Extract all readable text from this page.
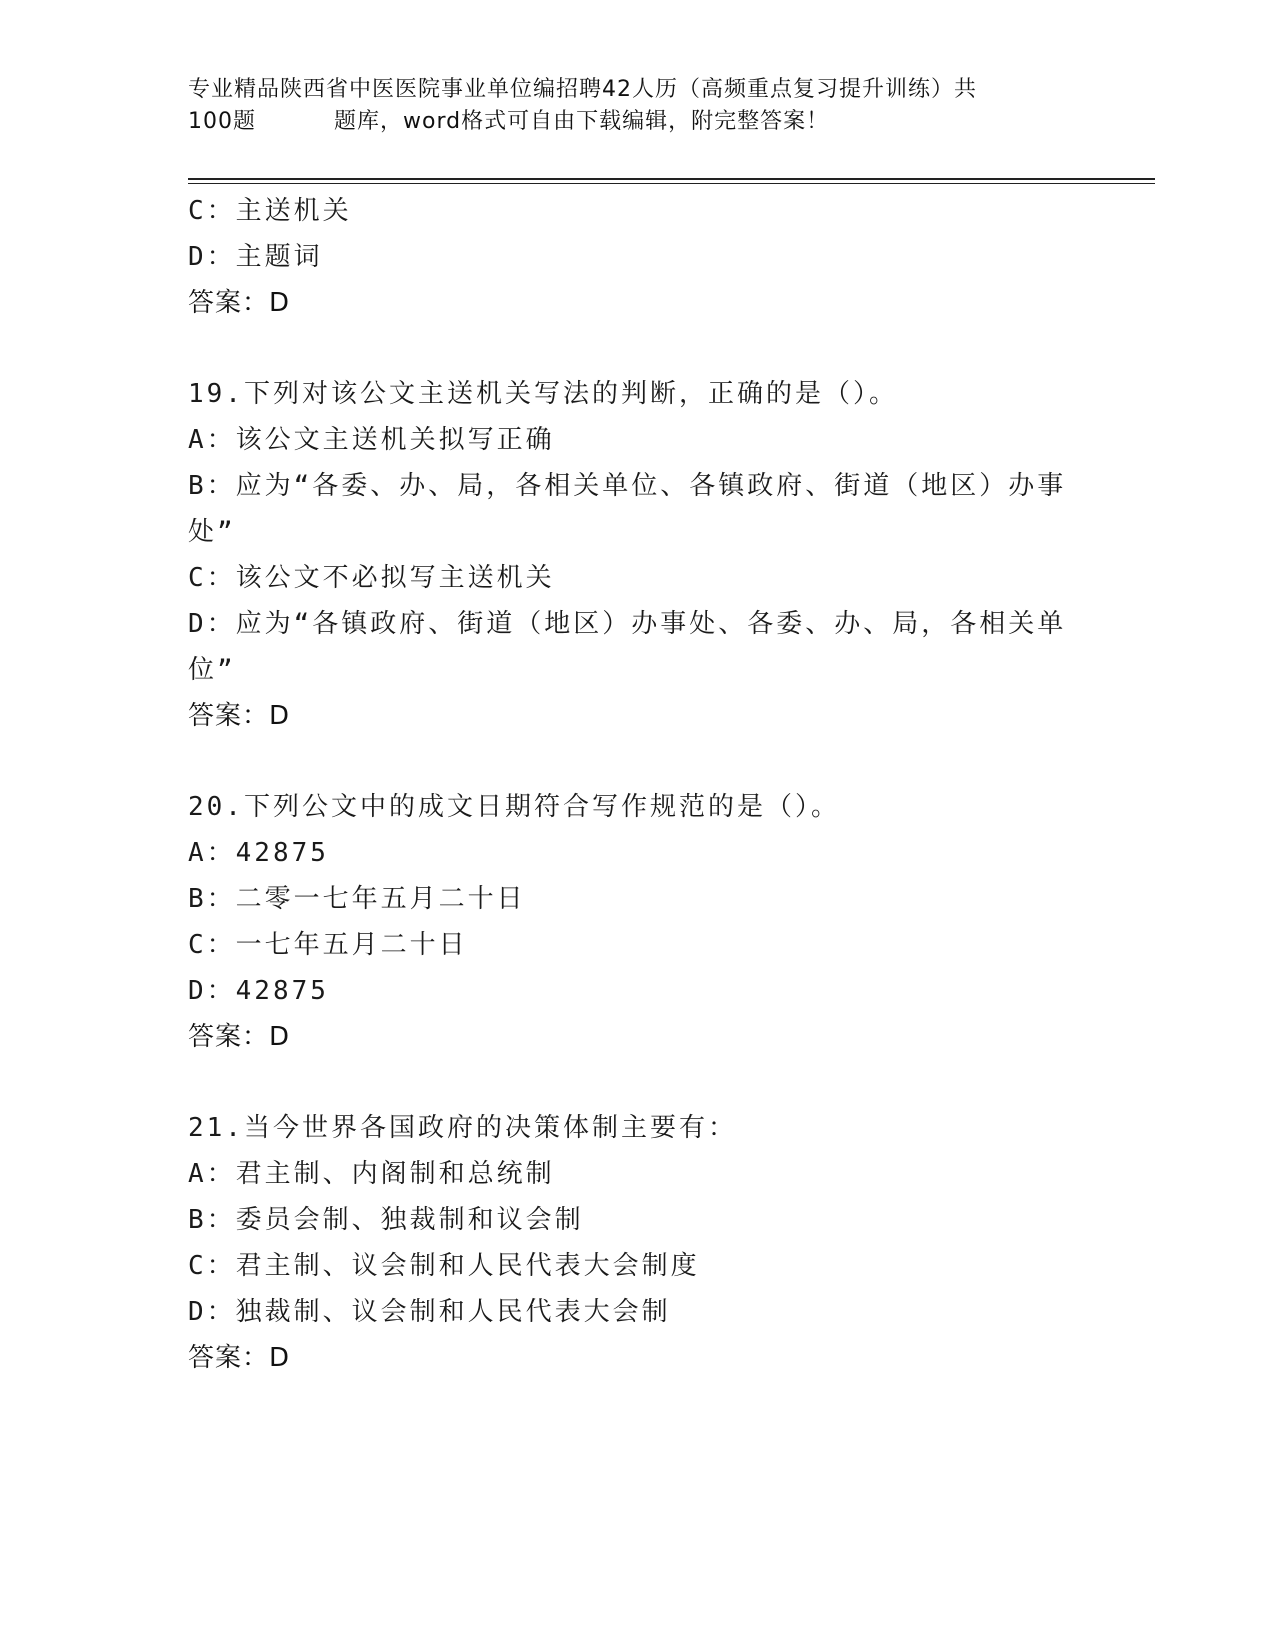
专业精品陕西省中医医院事业单位编招聘42人历（高频重点复习提升训练）共
100题	题库，word格式可自由下载编辑，附完整答案！
C：主送机关
D：主题词
答案：D
19.下列对该公文主送机关写法的判断，正确的是（）。
A：该公文主送机关拟写正确
B：应为“各委、办、局，各相关单位、各镇政府、街道（地区）办事
处”
C：该公文不必拟写主送机关
D：应为“各镇政府、街道（地区）办事处、各委、办、局，各相关单
位”
答案：D
20.下列公文中的成文日期符合写作规范的是（）。
A：42875
B：二零一七年五月二十日
C：一七年五月二十日
D：42875
答案：D
21.当今世界各国政府的决策体制主要有：
A：君主制、内阁制和总统制
B：委员会制、独裁制和议会制
C：君主制、议会制和人民代表大会制度
D：独裁制、议会制和人民代表大会制
答案：D
